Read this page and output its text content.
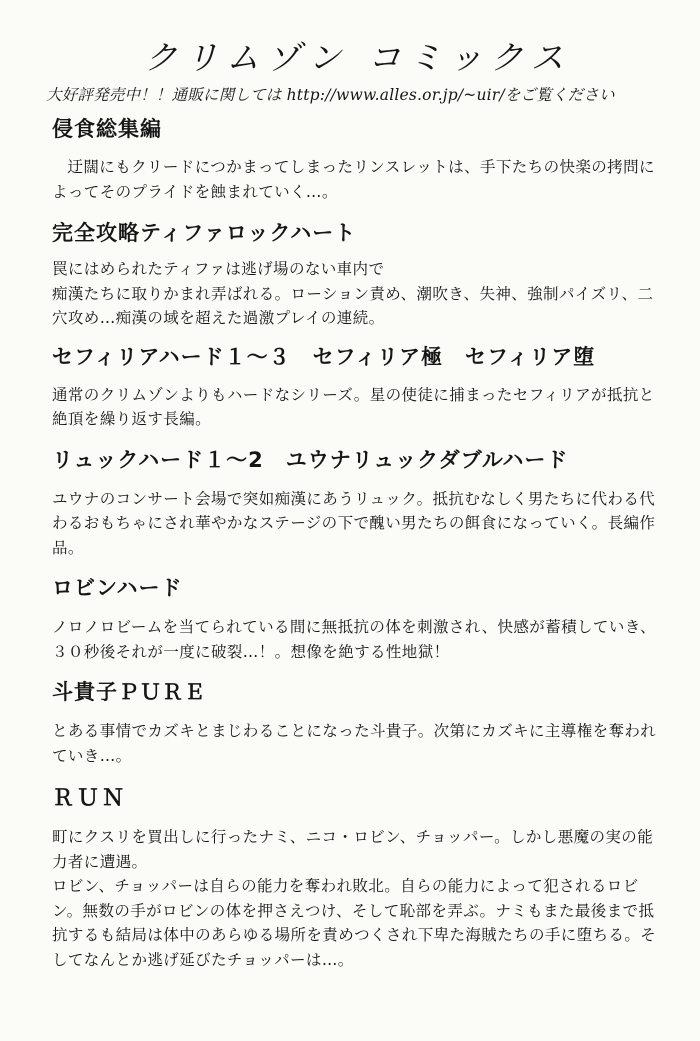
クリムゾン コミックス
大好評発売中！！通販に関しては http://www.alles.or.jp/~uir/をご覧ください
侵食総集編

迂闊にもクリードにつかまってしまったリンスレットは、手下たちの快楽の拷問によってそのプライドを蝕まれていく…。

完全攻略ティファロックハート

罠にはめられたティファは逃げ場のない車内で

痴漢たちに取りかまれ弄ばれる。ローション責め、潮吹き、失神、強制パイズリ、二穴攻め…痴漢の域を超えた過激プレイの連続。

セフィリアハード１～３　セフィリア極　セフィリア堕

通常のクリムゾンよりもハードなシリーズ。星の使徒に捕まったセフィリアが抵抗と絶頂を繰り返す長編。

リュックハード１～2　ユウナリュックダブルハード

ユウナのコンサート会場で突如痴漢にあうリュック。抵抗むなしく男たちに代わる代わるおもちゃにされ華やかなステージの下で醜い男たちの餌食になっていく。長編作品。

ロビンハード

ノロノロビームを当てられている間に無抵抗の体を刺激され、快感が蓄積していき、３０秒後それが一度に破裂…！。想像を絶する性地獄！

斗貴子ＰＵＲＥ

とある事情でカズキとまじわることになった斗貴子。次第にカズキに主導権を奪われていき…。

ＲＵＮ

町にクスリを買出しに行ったナミ、ニコ・ロビン、チョッパー。しかし悪魔の実の能力者に遭遇。

ロビン、チョッパーは自らの能力を奪われ敗北。自らの能力によって犯されるロビン。無数の手がロビンの体を押さえつけ、そして恥部を弄ぶ。ナミもまた最後まで抵抗するも結局は体中のあらゆる場所を責めつくされ下卑た海賊たちの手に堕ちる。そしてなんとか逃げ延びたチョッパーは…。
